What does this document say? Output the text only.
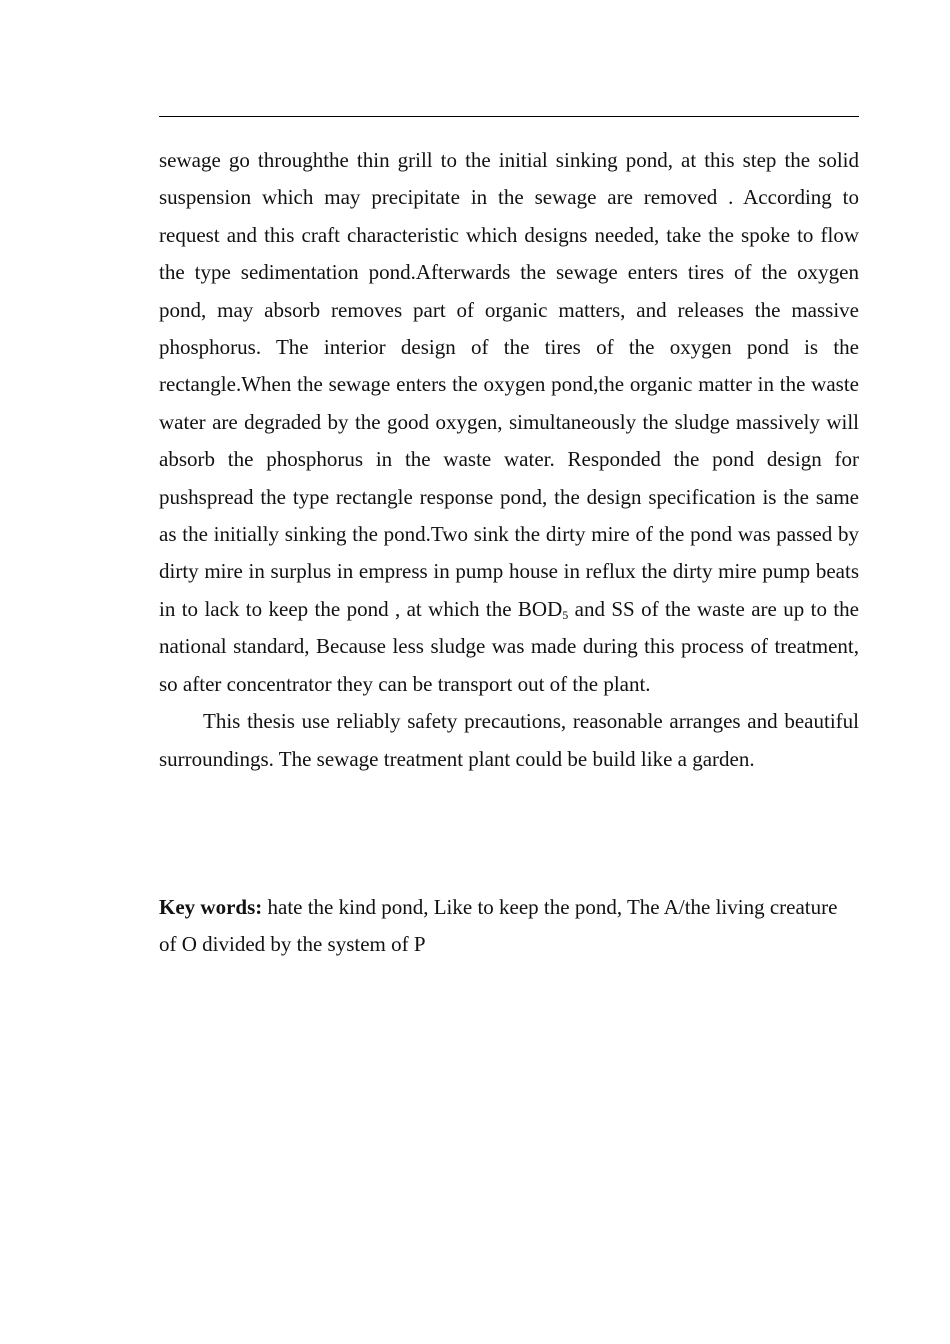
sewage go throughthe thin grill to the initial sinking pond, at this step the solid suspension which may precipitate in the sewage are removed . According to request and this craft characteristic which designs needed, take the spoke to flow the type sedimentation pond.Afterwards the sewage enters tires of the oxygen pond, may absorb removes part of organic matters, and releases the massive phosphorus. The interior design of the tires of the oxygen pond is the rectangle.When the sewage enters the oxygen pond,the organic matter in the waste water are degraded by the good oxygen, simultaneously the sludge massively will absorb the phosphorus in the waste water. Responded the pond design for pushspread the type rectangle response pond, the design specification is the same as the initially sinking the pond.Two sink the dirty mire of the pond was passed by dirty mire in surplus in empress in pump house in reflux the dirty mire pump beats in to lack to keep the pond , at which the $BOD_5$ and SS of the waste are up to the national standard, Because less sludge was made during this process of treatment, so after concentrator they can be transport out of the plant.

This thesis use reliably safety precautions, reasonable arranges and beautiful surroundings. The sewage treatment plant could be build like a garden.

Key words: hate the kind pond, Like to keep the pond, The A/the living creature of O divided by the system of P
